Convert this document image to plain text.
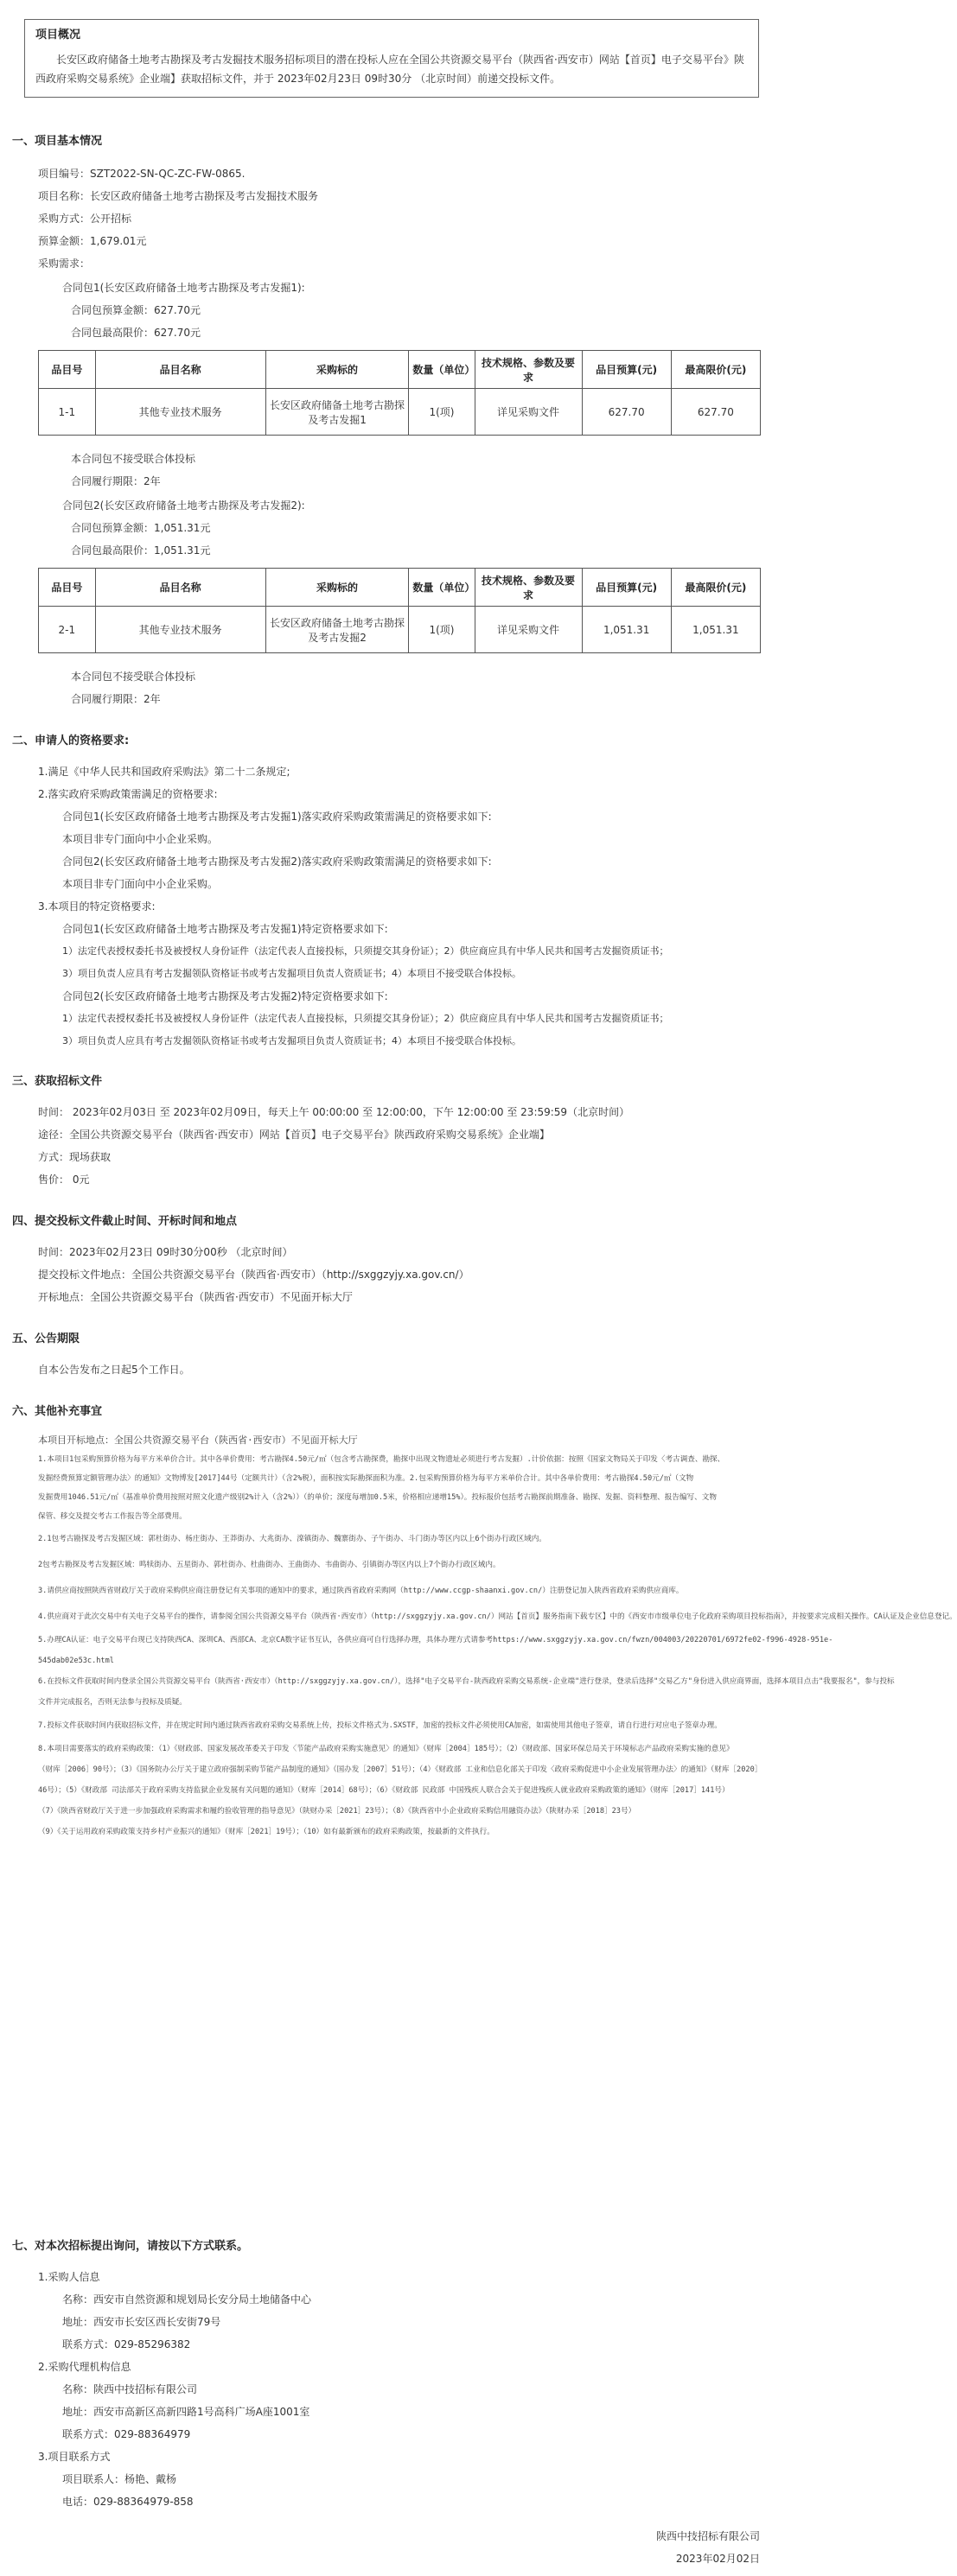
项目概况

长安区政府储备土地考古勘探及考古发掘技术服务招标项目的潜在投标人应在全国公共资源交易平台（陕西省·西安市）网站【首页】电子交易平台》陕西政府采购交易系统》企业端】获取招标文件，并于 2023年02月23日 09时30分 （北京时间）前递交投标文件。

一、项目基本情况
项目编号：SZT2022-SN-QC-ZC-FW-0865.
项目名称：长安区政府储备土地考古勘探及考古发掘技术服务
采购方式：公开招标
预算金额：1,679.01元
采购需求：
合同包1(长安区政府储备土地考古勘探及考古发掘1):
合同包预算金额：627.70元
合同包最高限价：627.70元
品目号	品目名称	采购标的	数量（单位）	技术规格、参数及要求	品目预算(元)	最高限价(元)
1-1	其他专业技术服务	长安区政府储备土地考古勘探及考古发掘1	1(项)	详见采购文件	627.70	627.70
本合同包不接受联合体投标
合同履行期限：2年
合同包2(长安区政府储备土地考古勘探及考古发掘2):
合同包预算金额：1,051.31元
合同包最高限价：1,051.31元
品目号	品目名称	采购标的	数量（单位）	技术规格、参数及要求	品目预算(元)	最高限价(元)
2-1	其他专业技术服务	长安区政府储备土地考古勘探及考古发掘2	1(项)	详见采购文件	1,051.31	1,051.31
本合同包不接受联合体投标
合同履行期限：2年
二、申请人的资格要求:
1.满足《中华人民共和国政府采购法》第二十二条规定;
2.落实政府采购政策需满足的资格要求:
合同包1(长安区政府储备土地考古勘探及考古发掘1)落实政府采购政策需满足的资格要求如下:
本项目非专门面向中小企业采购。
合同包2(长安区政府储备土地考古勘探及考古发掘2)落实政府采购政策需满足的资格要求如下:
本项目非专门面向中小企业采购。
3.本项目的特定资格要求:
合同包1(长安区政府储备土地考古勘探及考古发掘1)特定资格要求如下:
1）法定代表授权委托书及被授权人身份证件（法定代表人直接投标，只须提交其身份证）；2）供应商应具有中华人民共和国考古发掘资质证书；
3）项目负责人应具有考古发掘领队资格证书或考古发掘项目负责人资质证书；4）本项目不接受联合体投标。
合同包2(长安区政府储备土地考古勘探及考古发掘2)特定资格要求如下:
1）法定代表授权委托书及被授权人身份证件（法定代表人直接投标，只须提交其身份证）；2）供应商应具有中华人民共和国考古发掘资质证书；
3）项目负责人应具有考古发掘领队资格证书或考古发掘项目负责人资质证书；4）本项目不接受联合体投标。
三、获取招标文件
时间： 2023年02月03日 至 2023年02月09日，每天上午 00:00:00 至 12:00:00，下午 12:00:00 至 23:59:59（北京时间）
途径：全国公共资源交易平台（陕西省·西安市）网站【首页】电子交易平台》陕西政府采购交易系统》企业端】
方式：现场获取
售价： 0元
四、提交投标文件截止时间、开标时间和地点
时间：2023年02月23日 09时30分00秒 （北京时间）
提交投标文件地点：全国公共资源交易平台（陕西省·西安市）（http://sxggzyjy.xa.gov.cn/）
开标地点：全国公共资源交易平台（陕西省·西安市）不见面开标大厅
五、公告期限
自本公告发布之日起5个工作日。
六、其他补充事宜
本项目开标地点：全国公共资源交易平台（陕西省·西安市）不见面开标大厅
1.本项目1包采购预算价格为每平方米单价合计。其中各单价费用：考古勘探4.50元/㎡（包含考古勘探费，勘探中出现文物遗址必须进行考古发掘）.计价依据：按照《国家文物局关于印发〈考古调查、勘探、
发掘经费预算定额管理办法〉的通知》文物博发[2017]44号（定额共计）（含2%税），面积按实际勘探面积为准。2.包采购预算价格为每平方米单价合计。其中各单价费用：考古勘探4.50元/㎡（文物
发掘费用1046.51元/㎡（基准单价费用按照对照文化遗产级别2%计入（含2%））（的单价；深度每增加0.5米，价格相应递增15%）。投标报价包括考古勘探前期准备、勘探、发掘、资料整理、报告编写、文物
保管、移交及提交考古工作报告等全部费用。
2.1包考古勘探及考古发掘区域：郭杜街办、杨庄街办、王莽街办、大兆街办、滦镇街办、魏寨街办、子午街办、斗门街办等区内以上6个街办行政区域内。
2包考古勘探及考古发掘区域：鸣犊街办、五星街办、郭杜街办、杜曲街办、王曲街办、韦曲街办、引镇街办等区内以上7个街办行政区域内。
3.请供应商按照陕西省财政厅关于政府采购供应商注册登记有关事项的通知中的要求，通过陕西省政府采购网（http://www.ccgp-shaanxi.gov.cn/）注册登记加入陕西省政府采购供应商库。
4.供应商对于此次交易中有关电子交易平台的操作，请参阅全国公共资源交易平台（陕西省·西安市）（http://sxggzyjy.xa.gov.cn/）网站【首页】服务指南下载专区】中的《西安市市级单位电子化政府采购项目投标指南》，并按要求完成相关操作。CA认证及企业信息登记。
5.办理CA认证：电子交易平台现已支持陕西CA、深圳CA、西部CA、北京CA数字证书互认，各供应商可自行选择办理，具体办理方式请参考https://www.sxggzyjy.xa.gov.cn/fwzn/004003/20220701/6972fe02-f996-4928-951e-
545dab02e53c.html
6.在投标文件获取时间内登录全国公共资源交易平台（陕西省·西安市）（http://sxggzyjy.xa.gov.cn/），选择"电子交易平台-陕西政府采购交易系统-企业端"进行登录，登录后选择"交易乙方"身份进入供应商界面，选择本项目点击"我要报名"，参与投标
文件并完成报名，否则无法参与投标及质疑。
7.投标文件获取时间内获取招标文件，并在规定时间内通过陕西省政府采购交易系统上传，投标文件格式为.SXSTF，加密的投标文件必须使用CA加密，如需使用其他电子签章，请自行进行对应电子签章办理。
8.本项目需要落实的政府采购政策：（1）《财政部、国家发展改革委关于印发〈节能产品政府采购实施意见〉的通知》（财库［2004］185号）；（2）《财政部、国家环保总局关于环境标志产品政府采购实施的意见》
（财库［2006］90号）；（3）《国务院办公厅关于建立政府强制采购节能产品制度的通知》（国办发［2007］51号）；（4）《财政部 工业和信息化部关于印发〈政府采购促进中小企业发展管理办法〉的通知》（财库［2020］
46号）；（5）《财政部 司法部关于政府采购支持监狱企业发展有关问题的通知》（财库［2014］68号）；（6）《财政部 民政部 中国残疾人联合会关于促进残疾人就业政府采购政策的通知》（财库［2017］141号）
（7）《陕西省财政厅关于进一步加强政府采购需求和履约验收管理的指导意见》（陕财办采［2021］23号）；（8）《陕西省中小企业政府采购信用融资办法》（陕财办采［2018］23号）
（9）《关于运用政府采购政策支持乡村产业振兴的通知》（财库［2021］19号）；（10）如有最新颁布的政府采购政策，按最新的文件执行。
七、对本次招标提出询问，请按以下方式联系。
1.采购人信息
名称：西安市自然资源和规划局长安分局土地储备中心
地址：西安市长安区西长安街79号
联系方式：029-85296382
2.采购代理机构信息
名称：陕西中技招标有限公司
地址：西安市高新区高新四路1号高科广场A座1001室
联系方式：029-88364979
3.项目联系方式
项目联系人：杨艳、戴杨
电话：029-88364979-858
陕西中技招标有限公司
2023年02月02日
